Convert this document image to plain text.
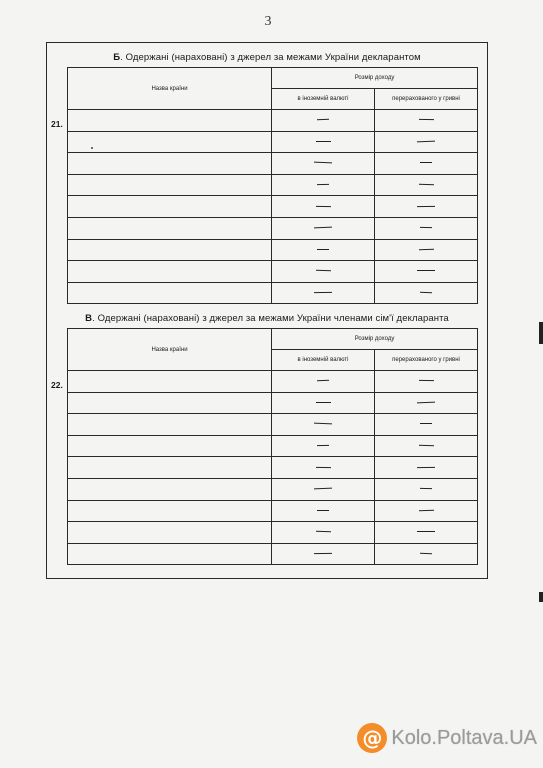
3
Б. Одержані (нараховані) з джерел за межами України декларантом
21.
Назва країни	Розмір доходу	
	в іноземній валюті	перерахованого у гривні

В. Одержані (нараховані) з джерел за межами України членами сім'ї декларанта
22.
Назва країни	Розмір доходу	
	в іноземній валюті	перерахованого у гривні

@ Kolo.Poltava.UA
